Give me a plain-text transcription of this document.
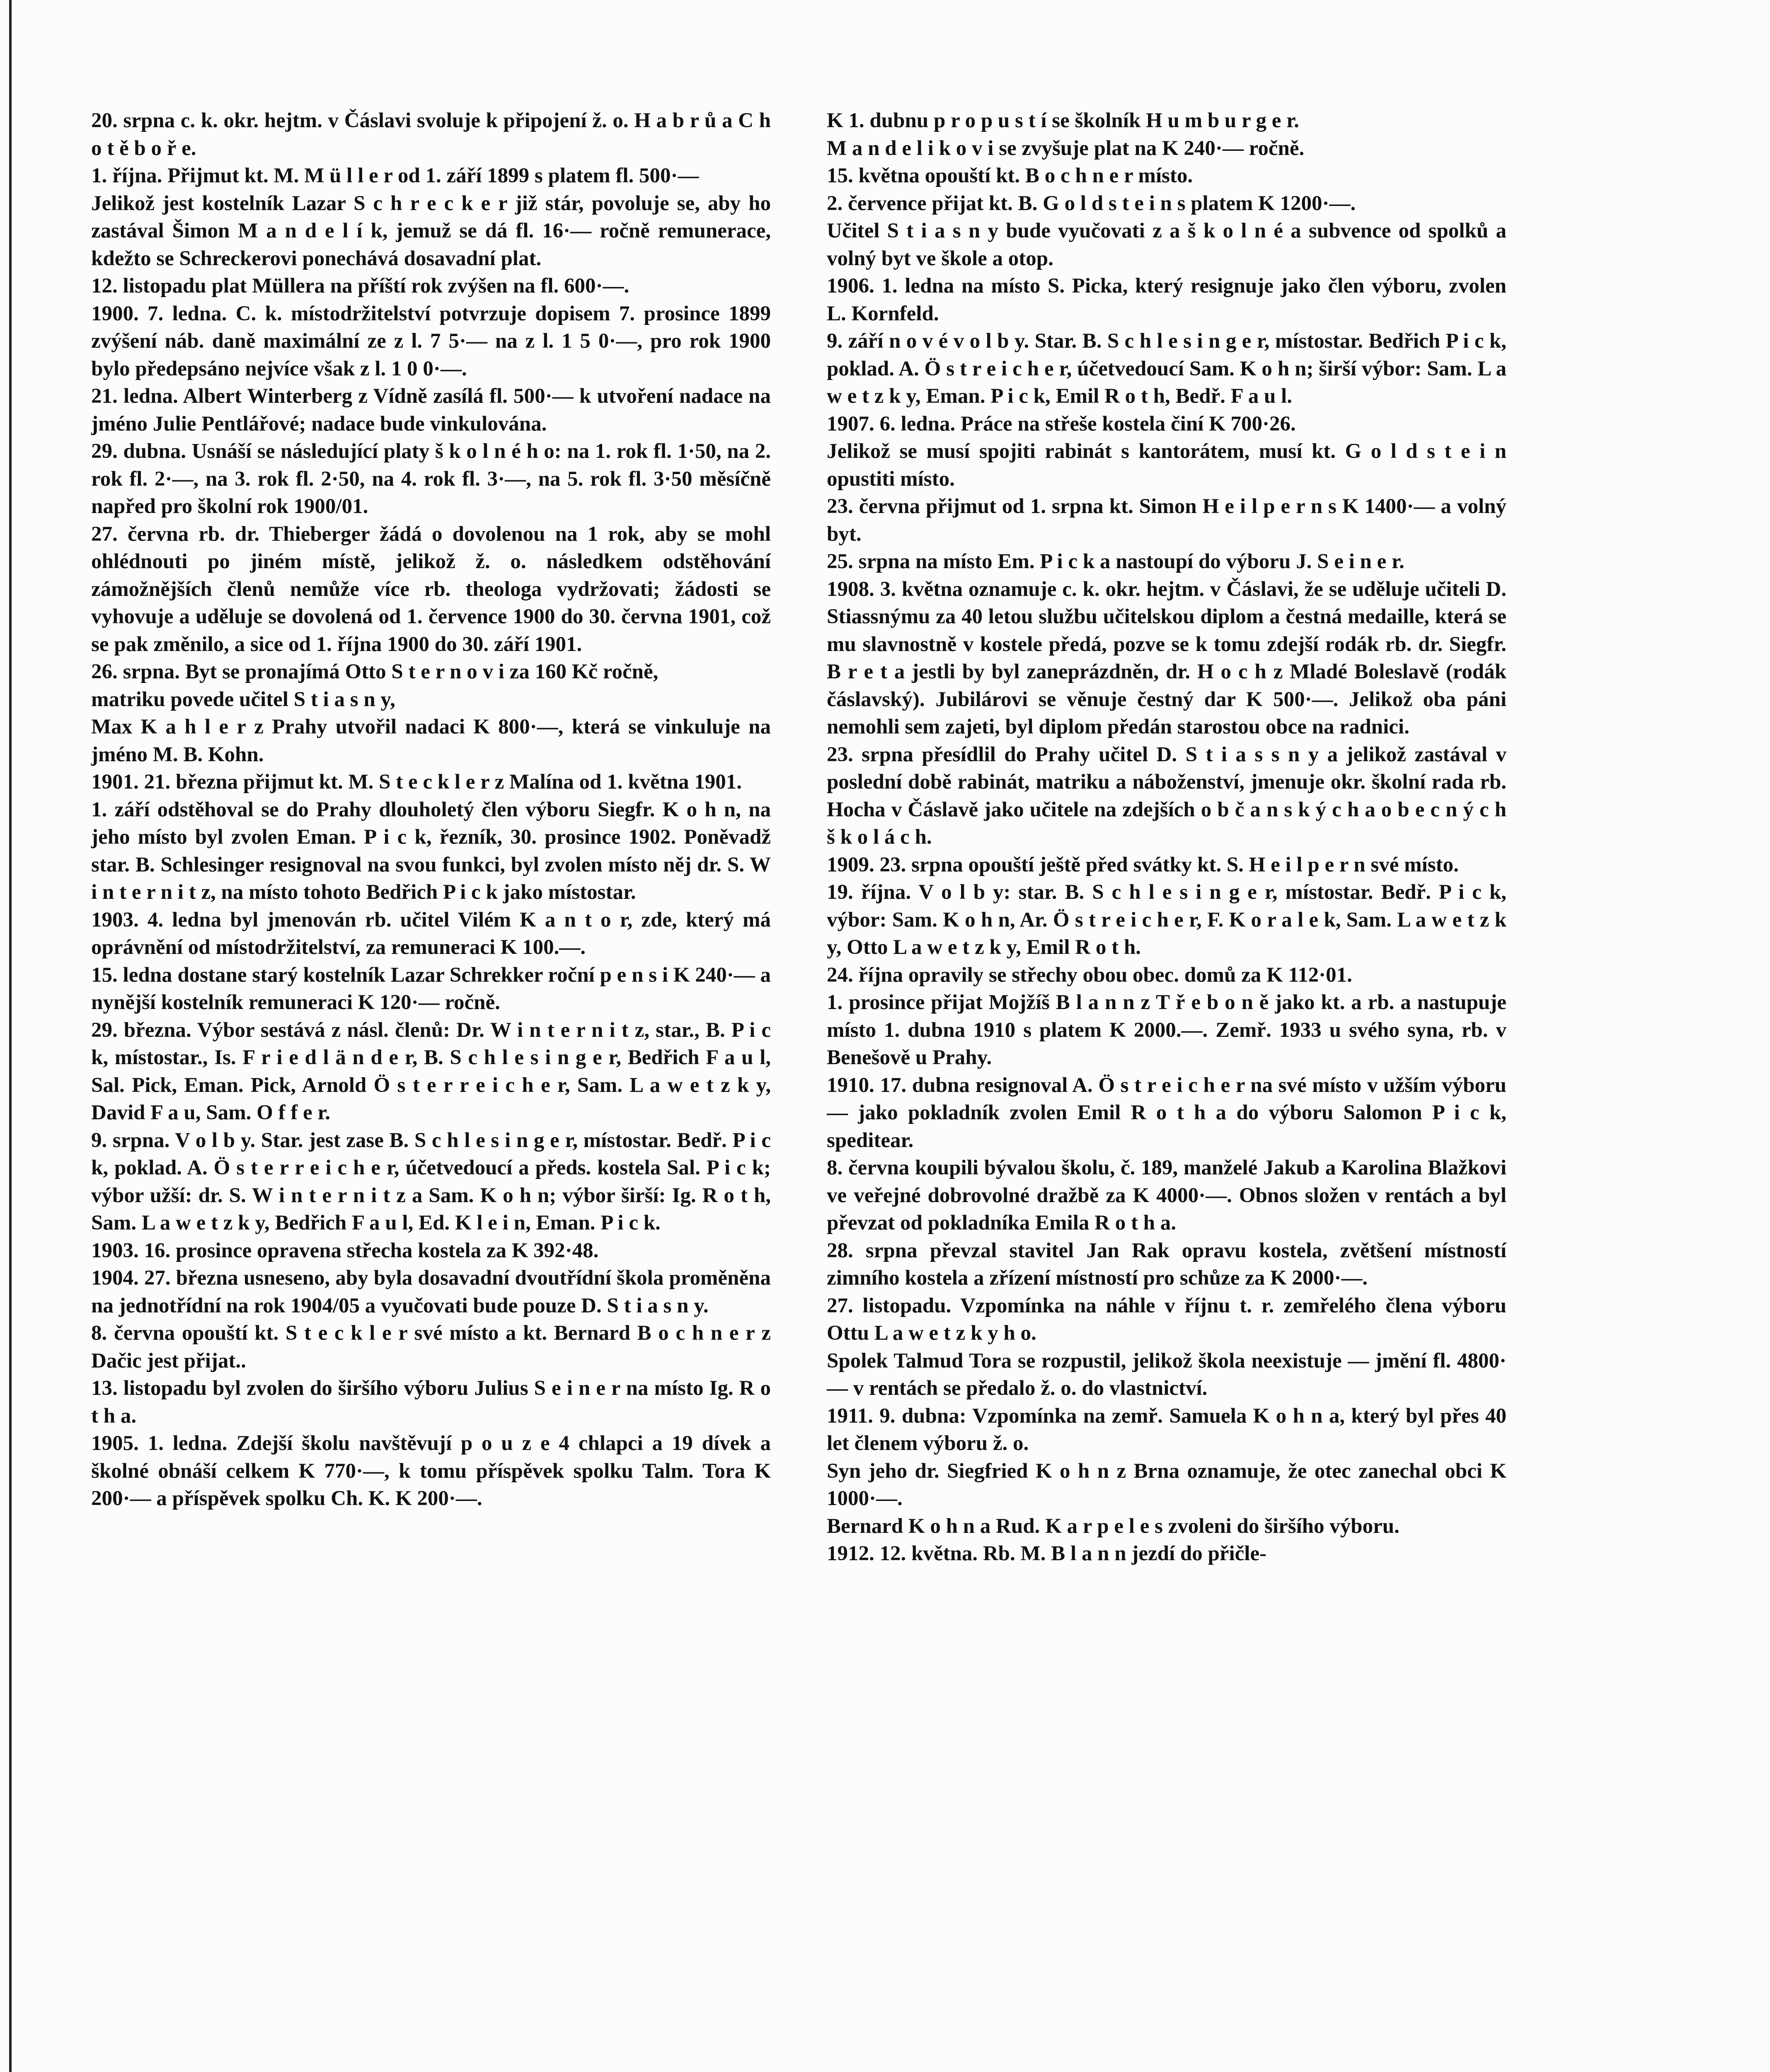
20. srpna c. k. okr. hejtm. v Čáslavi svoluje k připojení ž. o. H a b r ů a C h o t ě b o ř e.

1. října. Přijmut kt. M. M ü l l e r od 1. září 1899 s platem fl. 500·—

Jelikož jest kostelník Lazar S c h r e c k e r již stár, povoluje se, aby ho zastával Šimon M a n d e l í k, jemuž se dá fl. 16·— ročně remunerace, kdežto se Schreckerovi ponechává dosavadní plat.

12. listopadu plat Müllera na příští rok zvýšen na fl. 600·—.

1900. 7. ledna. C. k. místodržitelství potvrzuje dopisem 7. prosince 1899 zvýšení náb. daně maximální ze z l. 7 5·— na z l. 1 5 0·—, pro rok 1900 bylo předepsáno nejvíce však z l. 1 0 0·—.

21. ledna. Albert Winterberg z Vídně zasílá fl. 500·— k utvoření nadace na jméno Julie Pentlářové; nadace bude vinkulována.

29. dubna. Usnáší se následující platy š k o l n é h o: na 1. rok fl. 1·50, na 2. rok fl. 2·—, na 3. rok fl. 2·50, na 4. rok fl. 3·—, na 5. rok fl. 3·50 měsíčně napřed pro školní rok 1900/01.

27. června rb. dr. Thieberger žádá o dovolenou na 1 rok, aby se mohl ohlédnouti po jiném místě, jelikož ž. o. následkem odstěhování zámožnějších členů nemůže více rb. theologa vydržovati; žádosti se vyhovuje a uděluje se dovolená od 1. července 1900 do 30. června 1901, což se pak změnilo, a sice od 1. října 1900 do 30. září 1901.

26. srpna. Byt se pronajímá Otto S t e r n o v i za 160 Kč ročně,

matriku povede učitel S t i a s n y,

Max K a h l e r z Prahy utvořil nadaci K 800·—, která se vinkuluje na jméno M. B. Kohn.

1901. 21. března přijmut kt. M. S t e c k l e r z Malína od 1. května 1901.

1. září odstěhoval se do Prahy dlouholetý člen výboru Siegfr. K o h n, na jeho místo byl zvolen Eman. P i c k, řezník, 30. prosince 1902. Poněvadž star. B. Schlesinger resignoval na svou funkci, byl zvolen místo něj dr. S. W i n t e r n i t z, na místo tohoto Bedřich P i c k jako místostar.

1903. 4. ledna byl jmenován rb. učitel Vilém K a n t o r, zde, který má oprávnění od místodržitelství, za remuneraci K 100.—.

15. ledna dostane starý kostelník Lazar Schrekker roční p e n s i K 240·— a nynější kostelník remuneraci K 120·— ročně.

29. března. Výbor sestává z násl. členů: Dr. W i n t e r n i t z, star., B. P i c k, místostar., Is. F r i e d l ä n d e r, B. S c h l e s i n g e r, Bedřich F a u l, Sal. Pick, Eman. Pick, Arnold Ö s t e r r e i c h e r, Sam. L a w e t z k y, David F a u, Sam. O f f e r.

9. srpna. V o l b y. Star. jest zase B. S c h l e s i n g e r, místostar. Bedř. P i c k, poklad. A. Ö s t e r r e i c h e r, účetvedoucí a předs. kostela Sal. P i c k; výbor užší: dr. S. W i n t e r n i t z a Sam. K o h n; výbor širší: Ig. R o t h, Sam. L a w e t z k y, Bedřich F a u l, Ed. K l e i n, Eman. P i c k.

1903. 16. prosince opravena střecha kostela za K 392·48.

1904. 27. března usneseno, aby byla dosavadní dvoutřídní škola proměněna na jednotřídní na rok 1904/05 a vyučovati bude pouze D. S t i a s n y.

8. června opouští kt. S t e c k l e r své místo a kt. Bernard B o c h n e r z Dačic jest přijat..

13. listopadu byl zvolen do širšího výboru Julius S e i n e r na místo Ig. R o t h a.

1905. 1. ledna. Zdejší školu navštěvují p o u z e 4 chlapci a 19 dívek a školné obnáší celkem K 770·—, k tomu příspěvek spolku Talm. Tora K 200·— a příspěvek spolku Ch. K. K 200·—.

K 1. dubnu p r o p u s t í se školník H u m b u r g e r.

M a n d e l i k o v i se zvyšuje plat na K 240·— ročně.

15. května opouští kt. B o c h n e r místo.

2. července přijat kt. B. G o l d s t e i n s platem K 1200·—.

Učitel S t i a s n y bude vyučovati z a š k o l n é a subvence od spolků a volný byt ve škole a otop.

1906. 1. ledna na místo S. Picka, který resignuje jako člen výboru, zvolen L. Kornfeld.

9. září n o v é v o l b y. Star. B. S c h l e s i n g e r, místostar. Bedřich P i c k, poklad. A. Ö s t r e i c h e r, účetvedoucí Sam. K o h n; širší výbor: Sam. L a w e t z k y, Eman. P i c k, Emil R o t h, Bedř. F a u l.

1907. 6. ledna. Práce na střeše kostela činí K 700·26.

Jelikož se musí spojiti rabinát s kantorátem, musí kt. G o l d s t e i n opustiti místo.

23. června přijmut od 1. srpna kt. Simon H e i l p e r n s K 1400·— a volný byt.

25. srpna na místo Em. P i c k a nastoupí do výboru J. S e i n e r.

1908. 3. května oznamuje c. k. okr. hejtm. v Čáslavi, že se uděluje učiteli D. Stiassnýmu za 40 letou službu učitelskou diplom a čestná medaille, která se mu slavnostně v kostele předá, pozve se k tomu zdejší rodák rb. dr. Siegfr. B r e t a jestli by byl zaneprázdněn, dr. H o c h z Mladé Boleslavě (rodák čáslavský). Jubilárovi se věnuje čestný dar K 500·—. Jelikož oba páni nemohli sem zajeti, byl diplom předán starostou obce na radnici.

23. srpna přesídlil do Prahy učitel D. S t i a s s n y a jelikož zastával v poslední době rabinát, matriku a náboženství, jmenuje okr. školní rada rb. Hocha v Čáslavě jako učitele na zdejších o b č a n s k ý c h a o b e c n ý c h š k o l á c h.

1909. 23. srpna opouští ještě před svátky kt. S. H e i l p e r n své místo.

19. října. V o l b y: star. B. S c h l e s i n g e r, místostar. Bedř. P i c k, výbor: Sam. K o h n, Ar. Ö s t r e i c h e r, F. K o r a l e k, Sam. L a w e t z k y, Otto L a w e t z k y, Emil R o t h.

24. října opravily se střechy obou obec. domů za K 112·01.

1. prosince přijat Mojžíš B l a n n z T ř e b o n ě jako kt. a rb. a nastupuje místo 1. dubna 1910 s platem K 2000.—. Zemř. 1933 u svého syna, rb. v Benešově u Prahy.

1910. 17. dubna resignoval A. Ö s t r e i c h e r na své místo v užším výboru — jako pokladník zvolen Emil R o t h a do výboru Salomon P i c k, speditear.

8. června koupili bývalou školu, č. 189, manželé Jakub a Karolina Blažkovi ve veřejné dobrovolné dražbě za K 4000·—. Obnos složen v rentách a byl převzat od pokladníka Emila R o t h a.

28. srpna převzal stavitel Jan Rak opravu kostela, zvětšení místností zimního kostela a zřízení místností pro schůze za K 2000·—.

27. listopadu. Vzpomínka na náhle v říjnu t. r. zemřelého člena výboru Ottu L a w e t z k y h o.

Spolek Talmud Tora se rozpustil, jelikož škola neexistuje — jmění fl. 4800·— v rentách se předalo ž. o. do vlastnictví.

1911. 9. dubna: Vzpomínka na zemř. Samuela K o h n a, který byl přes 40 let členem výboru ž. o.

Syn jeho dr. Siegfried K o h n z Brna oznamuje, že otec zanechal obci K 1000·—.

Bernard K o h n a Rud. K a r p e l e s zvoleni do širšího výboru.

1912. 12. května. Rb. M. B l a n n jezdí do přičle-
